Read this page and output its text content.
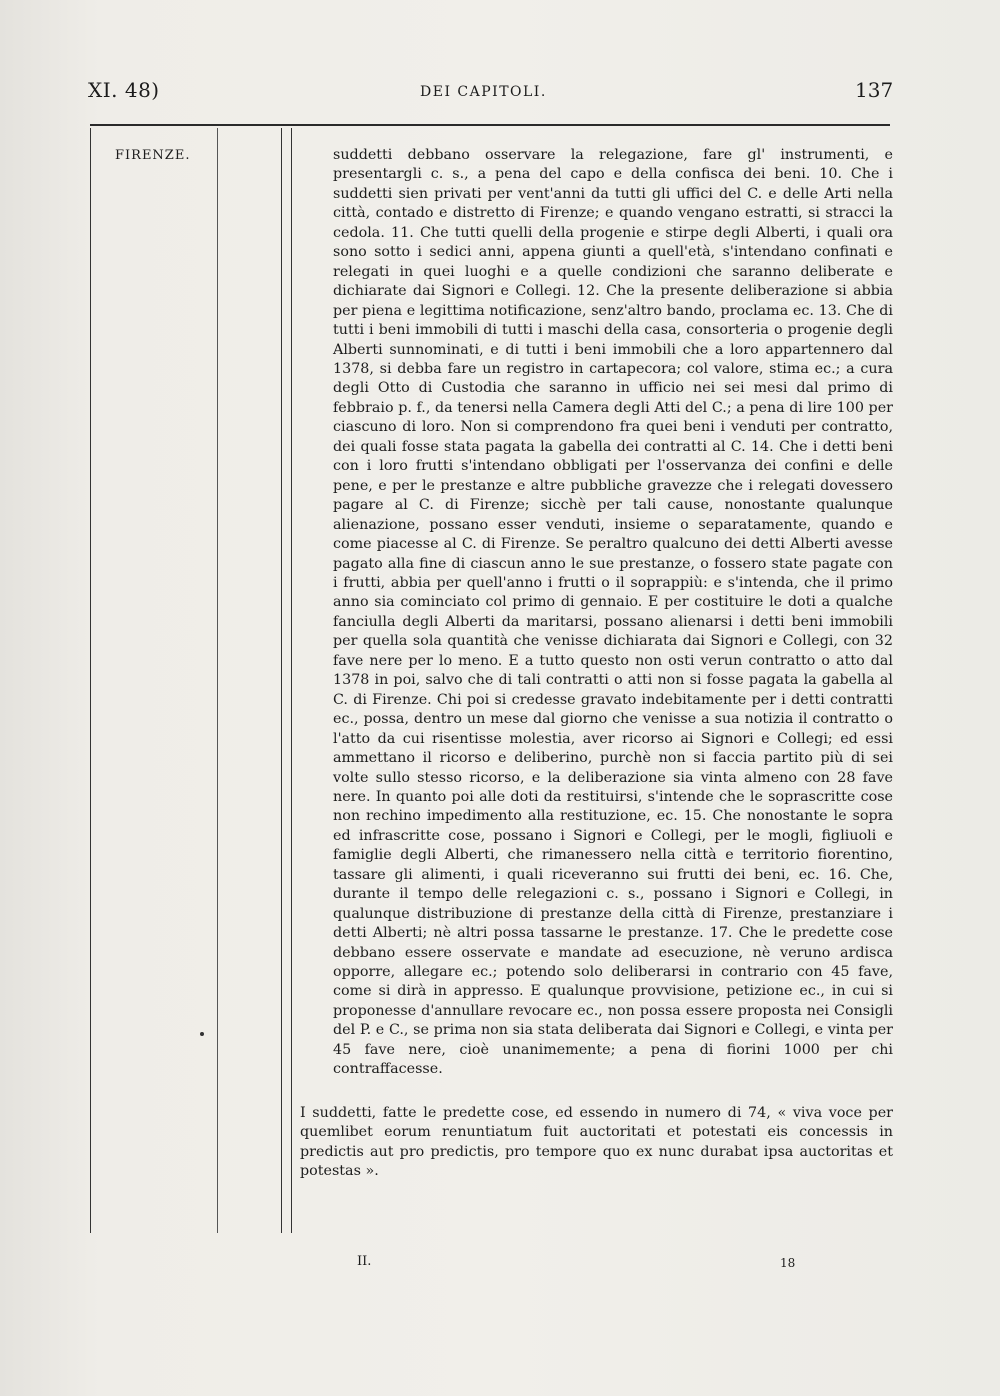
XI. 48)	DEI CAPITOLI.	137
FIRENZE.	suddetti debbano osservare la relegazione, fare gl' instrumenti, e presentargli c. s., a pena del capo e della confisca dei beni. 10. Che i suddetti sien privati per vent'anni da tutti gli uffici del C. e delle Arti nella città, contado e distretto di Firenze; e quando vengano estratti, si stracci la cedola. 11. Che tutti quelli della progenie e stirpe degli Alberti, i quali ora sono sotto i sedici anni, appena giunti a quell'età, s'intendano confinati e relegati in quei luoghi e a quelle condizioni che saranno deliberate e dichiarate dai Signori e Collegi. 12. Che la presente deliberazione si abbia per piena e legittima notificazione, senz'altro bando, proclama ec. 13. Che di tutti i beni immobili di tutti i maschi della casa, consorteria o progenie degli Alberti sunnominati, e di tutti i beni immobili che a loro appartennero dal 1378, si debba fare un registro in cartapecora; col valore, stima ec.; a cura degli Otto di Custodia che saranno in ufficio nei sei mesi dal primo di febbraio p. f., da tenersi nella Camera degli Atti del C.; a pena di lire 100 per ciascuno di loro. Non si comprendono fra quei beni i venduti per contratto, dei quali fosse stata pagata la gabella dei contratti al C. 14. Che i detti beni con i loro frutti s'intendano obbligati per l'osservanza dei confini e delle pene, e per le prestanze e altre pubbliche gravezze che i relegati dovessero pagare al C. di Firenze; sicchè per tali cause, nonostante qualunque alienazione, possano esser venduti, insieme o separatamente, quando e come piacesse al C. di Firenze. Se peraltro qualcuno dei detti Alberti avesse pagato alla fine di ciascun anno le sue prestanze, o fossero state pagate con i frutti, abbia per quell'anno i frutti o il soprappiù: e s'intenda, che il primo anno sia cominciato col primo di gennaio. E per costituire le doti a qualche fanciulla degli Alberti da maritarsi, possano alienarsi i detti beni immobili per quella sola quantità che venisse dichiarata dai Signori e Collegi, con 32 fave nere per lo meno. E a tutto questo non osti verun contratto o atto dal 1378 in poi, salvo che di tali contratti o atti non si fosse pagata la gabella al C. di Firenze. Chi poi si credesse gravato indebitamente per i detti contratti ec., possa, dentro un mese dal giorno che venisse a sua notizia il contratto o l'atto da cui risentisse molestia, aver ricorso ai Signori e Collegi; ed essi ammettano il ricorso e deliberino, purchè non si faccia partito più di sei volte sullo stesso ricorso, e la deliberazione sia vinta almeno con 28 fave nere. In quanto poi alle doti da restituirsi, s'intende che le soprascritte cose non rechino impedimento alla restituzione, ec. 15. Che nonostante le sopra ed infrascritte cose, possano i Signori e Collegi, per le mogli, figliuoli e famiglie degli Alberti, che rimanessero nella città e territorio fiorentino, tassare gli alimenti, i quali riceveranno sui frutti dei beni, ec. 16. Che, durante il tempo delle relegazioni c. s., possano i Signori e Collegi, in qualunque distribuzione di prestanze della città di Firenze, prestanziare i detti Alberti; nè altri possa tassarne le prestanze. 17. Che le predette cose debbano essere osservate e mandate ad esecuzione, nè veruno ardisca opporre, allegare ec.; potendo solo deliberarsi in contrario con 45 fave, come si dirà in appresso. E qualunque provvisione, petizione ec., in cui si proponesse d'annullare revocare ec., non possa essere proposta nei Consigli del P. e C., se prima non sia stata deliberata dai Signori e Collegi, e vinta per 45 fave nere, cioè unanimemente; a pena di fiorini 1000 per chi contraffacesse.

I suddetti, fatte le predette cose, ed essendo in numero di 74, « viva voce per quemlibet eorum renuntiatum fuit auctoritati et potestati eis concessis in predictis aut pro predictis, pro tempore quo ex nunc durabat ipsa auctoritas et potestas ».

II.	18
